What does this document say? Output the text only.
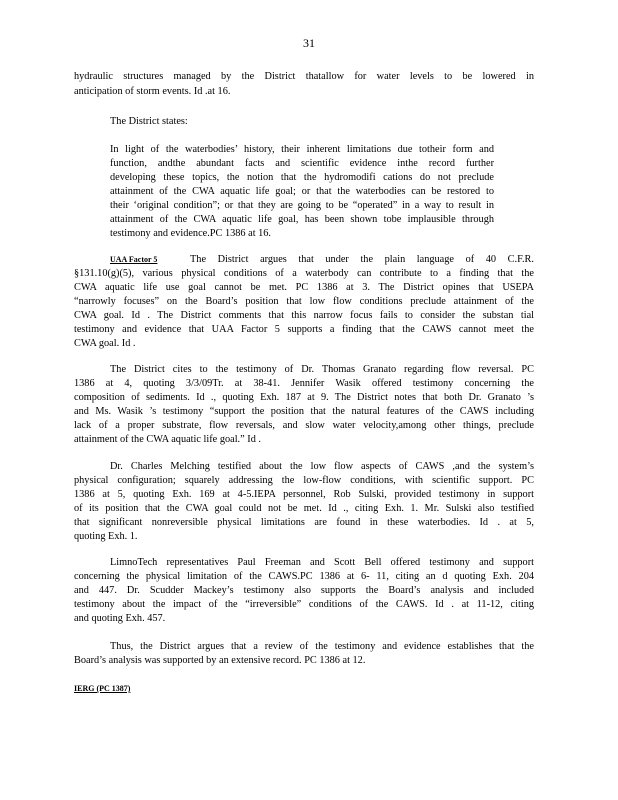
31
hydraulic structures managed by the District thatallow for water levels to be lowered in
anticipation of storm events. Id .at 16.
The District states:
In light of the waterbodies’ history, their inherent limitations due totheir form and
function, andthe abundant facts and scientific evidence inthe record further
developing these topics, the notion that the hydromodifi cations do not preclude
attainment of the CWA aquatic life goal; or that the waterbodies can be restored to
their ‘original condition”; or that they are going to be “operated” in a way to result in
attainment of the CWA aquatic life goal, has been shown tobe implausible through
testimony and evidence.PC 1386 at 16.
UAA Factor 5	The District argues that under the plain language of 40 C.F.R.
§131.10(g)(5), various physical conditions of a waterbody can contribute to a finding that the
CWA aquatic life use goal cannot be met. PC 1386 at 3. The District opines that USEPA
“narrowly focuses” on the Board’s position that low flow conditions preclude attainment of the
CWA goal. Id . The District comments that this narrow focus fails to consider the substan tial
testimony and evidence that UAA Factor 5 supports a finding that the CAWS cannot meet the
CWA goal. Id .
The District cites to the testimony of Dr. Thomas Granato regarding flow reversal. PC
1386 at 4, quoting 3/3/09Tr. at 38-41. Jennifer Wasik offered testimony concerning the
composition of sediments. Id ., quoting Exh. 187 at 9. The District notes that both Dr. Granato ’s
and Ms. Wasik ’s testimony “support the position that the natural features of the CAWS including
lack of a proper substrate, flow reversals, and slow water velocity,among other things, preclude
attainment of the CWA aquatic life goal.” Id .
Dr. Charles Melching testified about the low flow aspects of CAWS ,and the system’s
physical configuration; squarely addressing the low-flow conditions, with scientific support. PC
1386 at 5, quoting Exh. 169 at 4-5.IEPA personnel, Rob Sulski, provided testimony in support
of its position that the CWA goal could not be met. Id ., citing Exh. 1. Mr. Sulski also testified
that significant nonreversible physical limitations are found in these waterbodies. Id . at 5,
quoting Exh. 1.
LimnoTech representatives Paul Freeman and Scott Bell offered testimony and support
concerning the physical limitation of the CAWS.PC 1386 at 6- 11, citing an d quoting Exh. 204
and 447. Dr. Scudder Mackey’s testimony also supports the Board’s analysis and included
testimony about the impact of the “irreversible” conditions of the CAWS. Id . at 11-12, citing
and quoting Exh. 457.
Thus, the District argues that a review of the testimony and evidence establishes that the
Board’s analysis was supported by an extensive record. PC 1386 at 12.
IERG (PC 1387)
